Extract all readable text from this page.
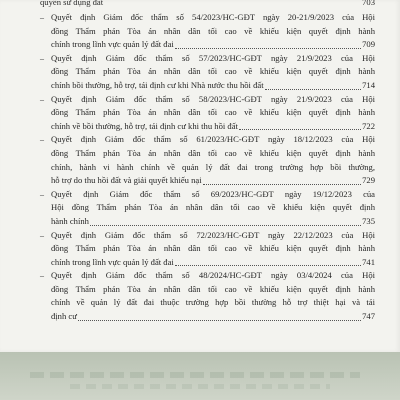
quyền sử dụng đất	703
– Quyết định Giám đốc thẩm số 54/2023/HC-GĐT ngày 20-21/9/2023 của Hội
đồng Thẩm phán Tòa án nhân dân tối cao về khiếu kiện quyết định hành
chính trong lĩnh vực quản lý đất đai	709
– Quyết định Giám đốc thẩm số 57/2023/HC-GĐT ngày 21/9/2023 của Hội
đồng Thẩm phán Tòa án nhân dân tối cao về khiếu kiện quyết định hành
chính bồi thường, hỗ trợ, tái định cư khi Nhà nước thu hồi đất	714
– Quyết định Giám đốc thẩm số 58/2023/HC-GĐT ngày 21/9/2023 của Hội
đồng Thẩm phán Tòa án nhân dân tối cao về khiếu kiện quyết định hành
chính về bồi thường, hỗ trợ, tái định cư khi thu hồi đất	722
– Quyết định Giám đốc thẩm số 61/2023/HC-GĐT ngày 18/12/2023 của Hội
đồng Thẩm phán Tòa án nhân dân tối cao về khiếu kiện quyết định hành
chính, hành vi hành chính về quản lý đất đai trong trường hợp bồi thường,
hỗ trợ do thu hồi đất và giải quyết khiếu nại	729
– Quyết định Giám đốc thẩm số 69/2023/HC-GĐT ngày 19/12/2023 của
Hội đồng Thẩm phán Tòa án nhân dân tối cao về khiếu kiện quyết định
hành chính	735
– Quyết định Giám đốc thẩm số 72/2023/HC-GĐT ngày 22/12/2023 của Hội
đồng Thẩm phán Tòa án nhân dân tối cao về khiếu kiện quyết định hành
chính trong lĩnh vực quản lý đất đai	741
– Quyết định Giám đốc thẩm số 48/2024/HC-GĐT ngày 03/4/2024 của Hội
đồng Thẩm phán Tòa án nhân dân tối cao về khiếu kiện quyết định hành
chính về quản lý đất đai thuộc trường hợp bồi thường hỗ trợ thiệt hại và tái
định cư	747
